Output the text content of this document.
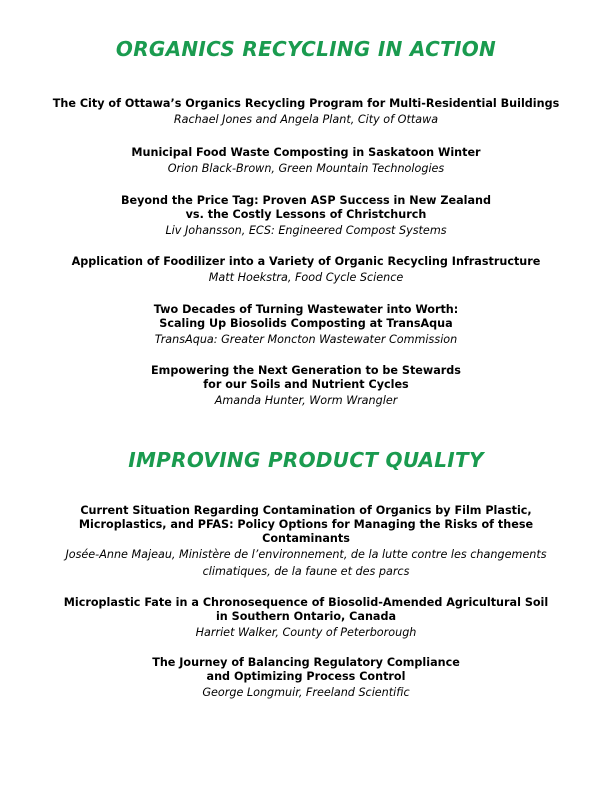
ORGANICS RECYCLING IN ACTION

The City of Ottawa’s Organics Recycling Program for Multi-Residential Buildings

Rachael Jones and Angela Plant, City of Ottawa

Municipal Food Waste Composting in Saskatoon Winter

Orion Black-Brown, Green Mountain Technologies

Beyond the Price Tag: Proven ASP Success in New Zealand
vs. the Costly Lessons of Christchurch

Liv Johansson, ECS: Engineered Compost Systems

Application of Foodilizer into a Variety of Organic Recycling Infrastructure

Matt Hoekstra, Food Cycle Science

Two Decades of Turning Wastewater into Worth:
Scaling Up Biosolids Composting at TransAqua

TransAqua: Greater Moncton Wastewater Commission

Empowering the Next Generation to be Stewards
for our Soils and Nutrient Cycles

Amanda Hunter, Worm Wrangler

IMPROVING PRODUCT QUALITY

Current Situation Regarding Contamination of Organics by Film Plastic,
Microplastics, and PFAS: Policy Options for Managing the Risks of these
Contaminants

Josée-Anne Majeau, Ministère de l’environnement, de la lutte contre les changements
climatiques, de la faune et des parcs

Microplastic Fate in a Chronosequence of Biosolid-Amended Agricultural Soil
in Southern Ontario, Canada

Harriet Walker, County of Peterborough

The Journey of Balancing Regulatory Compliance
and Optimizing Process Control

George Longmuir, Freeland Scientific
